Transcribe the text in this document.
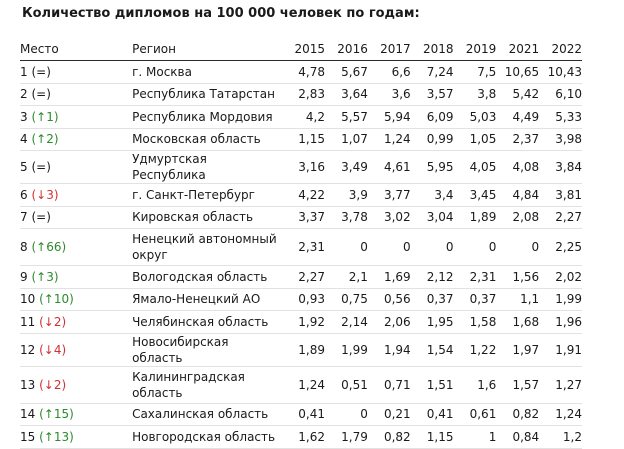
Количество дипломов на 100 000 человек по годам:
Место	Регион	2015	2016	2017	2018	2019	2021	2022
1 (=)	г. Москва	4,78	5,67	6,6	7,24	7,5	10,65	10,43
2 (=)	Республика Татарстан	2,83	3,64	3,6	3,57	3,8	5,42	6,10
3 (↑1)	Республика Мордовия	4,2	5,57	5,94	6,09	5,03	4,49	5,33
4 (↑2)	Московская область	1,15	1,07	1,24	0,99	1,05	2,37	3,98
5 (=)	Удмуртская Республика	3,16	3,49	4,61	5,95	4,05	4,08	3,84
6 (↓3)	г. Санкт-Петербург	4,22	3,9	3,77	3,4	3,45	4,84	3,81
7 (=)	Кировская область	3,37	3,78	3,02	3,04	1,89	2,08	2,27
8 (↑66)	Ненецкий автономный округ	2,31	0	0	0	0	0	2,25
9 (↑3)	Вологодская область	2,27	2,1	1,69	2,12	2,31	1,56	2,02
10 (↑10)	Ямало-Ненецкий АО	0,93	0,75	0,56	0,37	0,37	1,1	1,99
11 (↓2)	Челябинская область	1,92	2,14	2,06	1,95	1,58	1,68	1,96
12 (↓4)	Новосибирская область	1,89	1,99	1,94	1,54	1,22	1,97	1,91
13 (↓2)	Калининградская область	1,24	0,51	0,71	1,51	1,6	1,57	1,27
14 (↑15)	Сахалинская область	0,41	0	0,21	0,41	0,61	0,82	1,24
15 (↑13)	Новгородская область	1,62	1,79	0,82	1,15	1	0,84	1,2
